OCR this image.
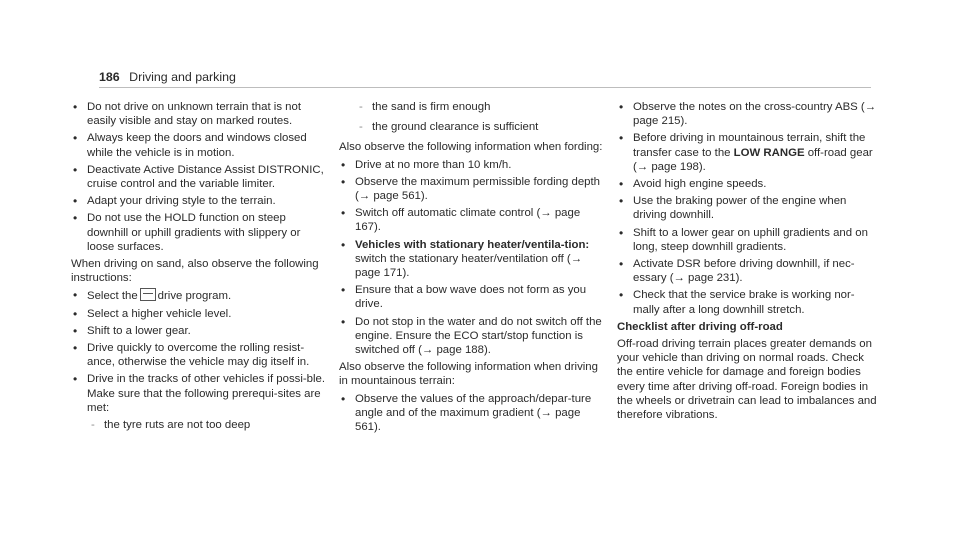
186 Driving and parking
• Do not drive on unknown terrain that is not easily visible and stay on marked routes.
• Always keep the doors and windows closed while the vehicle is in motion.
• Deactivate Active Distance Assist DISTRONIC, cruise control and the variable limiter.
• Adapt your driving style to the terrain.
• Do not use the HOLD function on steep downhill or uphill gradients with slippery or loose surfaces.

When driving on sand, also observe the following instructions:

• Select the drive program.
• Select a higher vehicle level.
• Shift to a lower gear.
• Drive quickly to overcome the rolling resist-ance, otherwise the vehicle may dig itself in.
• Drive in the tracks of other vehicles if possi-ble. Make sure that the following prerequi-sites are met:
- the tyre ruts are not too deep
- the sand is firm enough
- the ground clearance is sufficient

Also observe the following information when fording:

• Drive at no more than 10 km/h.
• Observe the maximum permissible fording depth (→ page 561).
• Switch off automatic climate control (→ page 167).
• Vehicles with stationary heater/ventila-tion: switch the stationary heater/ventilation off (→ page 171).
• Ensure that a bow wave does not form as you drive.
• Do not stop in the water and do not switch off the engine. Ensure the ECO start/stop function is switched off (→ page 188).

Also observe the following information when driving in mountainous terrain:

• Observe the values of the approach/depar-ture angle and of the maximum gradient (→ page 561).
• Observe the notes on the cross-country ABS (→ page 215).
• Before driving in mountainous terrain, shift the transfer case to the LOW RANGE off-road gear (→ page 198).
• Avoid high engine speeds.
• Use the braking power of the engine when driving downhill.
• Shift to a lower gear on uphill gradients and on long, steep downhill gradients.
• Activate DSR before driving downhill, if nec-essary (→ page 231).
• Check that the service brake is working nor-mally after a long downhill stretch.

Checklist after driving off-road

Off-road driving terrain places greater demands on your vehicle than driving on normal roads. Check the entire vehicle for damage and foreign bodies every time after driving off-road. Foreign bodies in the wheels or drivetrain can lead to imbalances and therefore vibrations.
